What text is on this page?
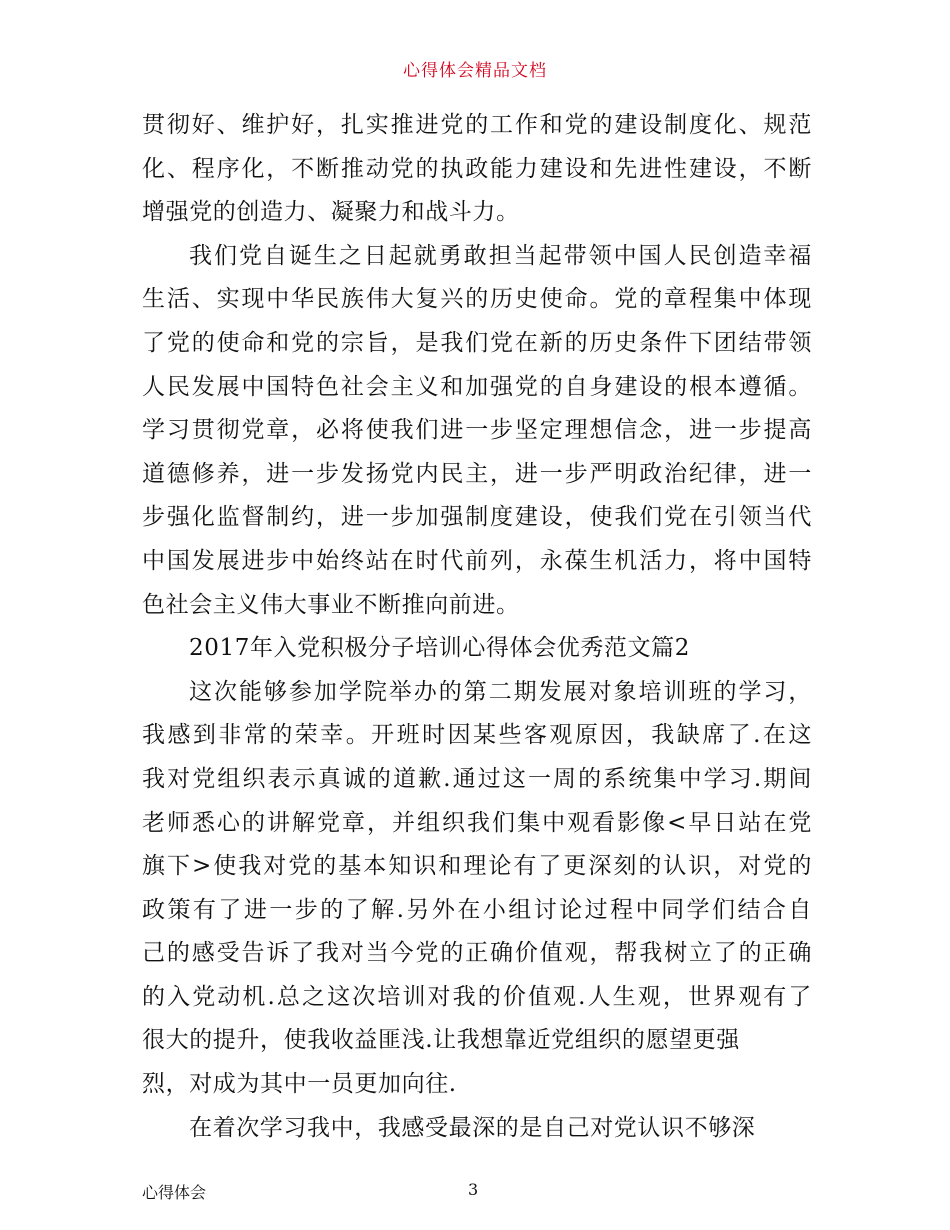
心得体会精品文档
贯彻好、维护好，扎实推进党的工作和党的建设制度化、规范
化、程序化，不断推动党的执政能力建设和先进性建设，不断
增强党的创造力、凝聚力和战斗力。
我们党自诞生之日起就勇敢担当起带领中国人民创造幸福
生活、实现中华民族伟大复兴的历史使命。党的章程集中体现
了党的使命和党的宗旨，是我们党在新的历史条件下团结带领
人民发展中国特色社会主义和加强党的自身建设的根本遵循。
学习贯彻党章，必将使我们进一步坚定理想信念，进一步提高
道德修养，进一步发扬党内民主，进一步严明政治纪律，进一
步强化监督制约，进一步加强制度建设，使我们党在引领当代
中国发展进步中始终站在时代前列，永葆生机活力，将中国特
色社会主义伟大事业不断推向前进。
2017年入党积极分子培训心得体会优秀范文篇2
这次能够参加学院举办的第二期发展对象培训班的学习，
我感到非常的荣幸。开班时因某些客观原因，我缺席了.在这
我对党组织表示真诚的道歉.通过这一周的系统集中学习.期间
老师悉心的讲解党章，并组织我们集中观看影像<早日站在党
旗下>使我对党的基本知识和理论有了更深刻的认识，对党的
政策有了进一步的了解.另外在小组讨论过程中同学们结合自
己的感受告诉了我对当今党的正确价值观，帮我树立了的正确
的入党动机.总之这次培训对我的价值观.人生观，世界观有了
很大的提升，使我收益匪浅.让我想靠近党组织的愿望更强
烈，对成为其中一员更加向往.
在着次学习我中，我感受最深的是自己对党认识不够深
心得体会	3
